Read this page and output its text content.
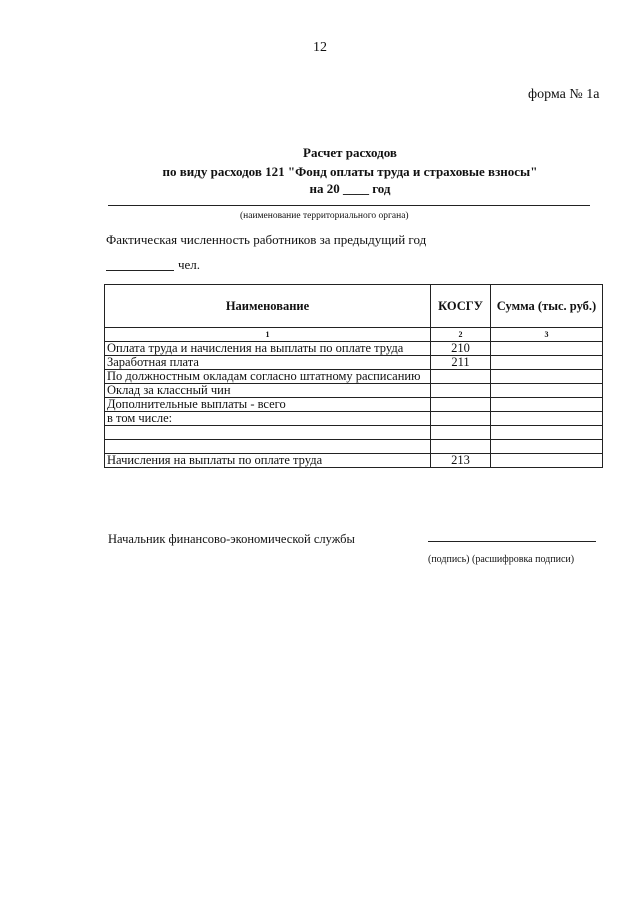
12
форма № 1а
Расчет расходов
по виду расходов 121 "Фонд оплаты труда и страховые взносы"
на 20 ____ год
(наименование территориального органа)
Фактическая численность работников за предыдущий год
чел.
Наименование	КОСГУ	Сумма (тыс. руб.)
1	2	3
Оплата труда и начисления на выплаты по оплате труда	210	
Заработная плата	211	
По должностным окладам согласно штатному расписанию		
Оклад за классный чин		
Дополнительные выплаты - всего		
в том числе:		

Начисления на выплаты по оплате труда	213	
Начальник финансово-экономической службы
(подпись) (расшифровка подписи)
